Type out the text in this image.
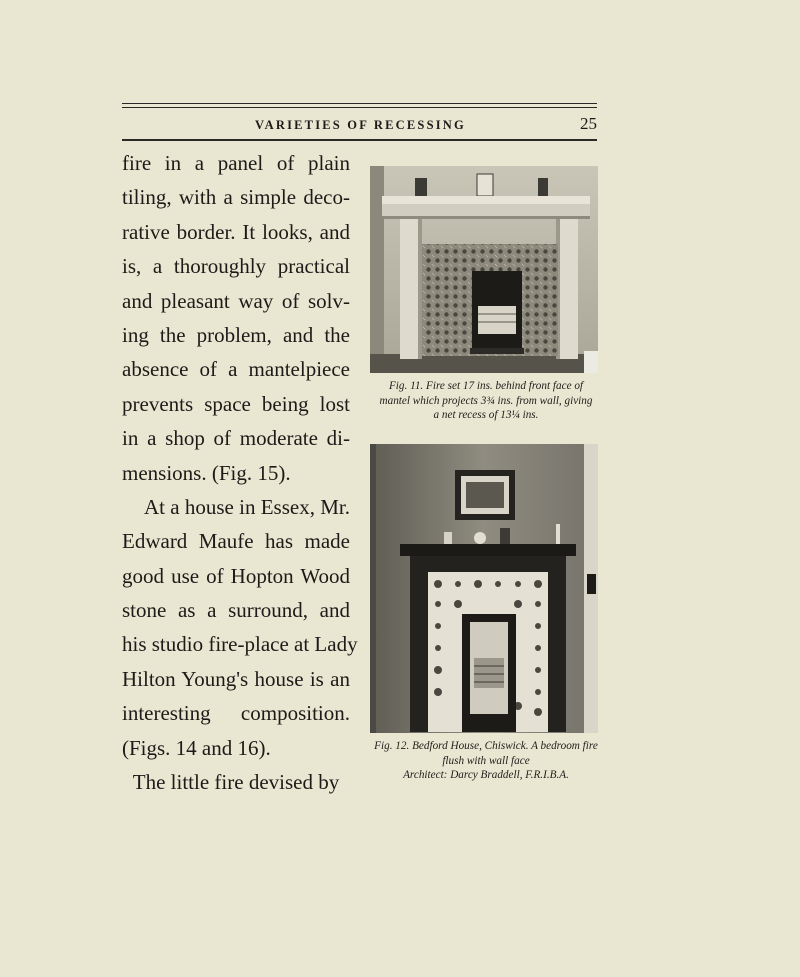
VARIETIES OF RECESSING	25
fire in a panel of plain
tiling, with a simple deco-
rative border. It looks, and
is, a thoroughly practical
and pleasant way of solv-
ing the problem, and the
absence of a mantelpiece
prevents space being lost
in a shop of moderate di-
mensions. (Fig. 15).
At a house in Essex, Mr.
Edward Maufe has made
good use of Hopton Wood
stone as a surround, and
his studio fire-place at Lady
Hilton Young's house is an
interesting composition.
(Figs. 14 and 16).
The little fire devised by
Fig. 11. Fire set 17 ins. behind front face of
mantel which projects 3¾ ins. from wall, giving
a net recess of 13¼ ins.
Fig. 12. Bedford House, Chiswick. A bedroom fire
flush with wall face
Architect: Darcy Braddell, F.R.I.B.A.
